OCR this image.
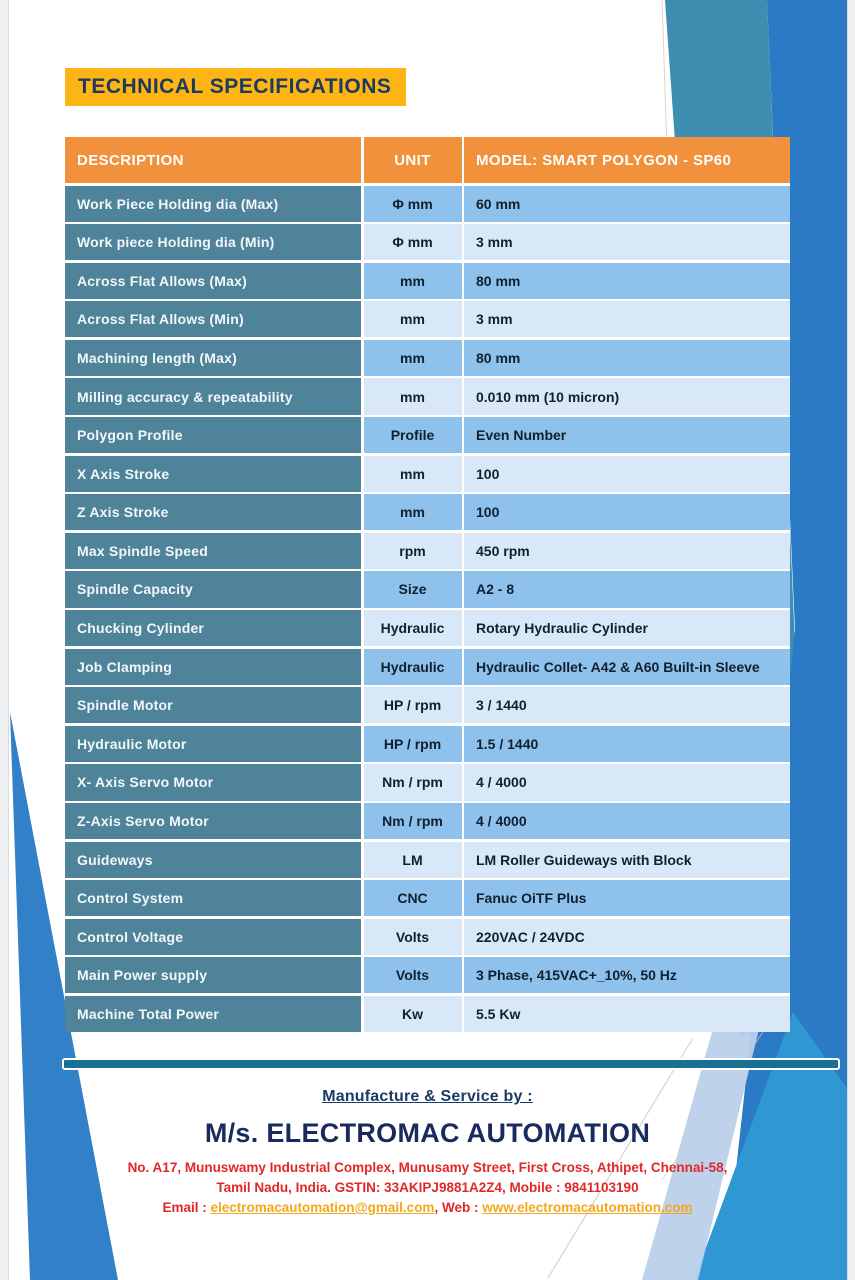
TECHNICAL SPECIFICATIONS
DESCRIPTION	UNIT	MODEL: SMART POLYGON - SP60
Work Piece Holding dia (Max)	Φ mm	60 mm
Work piece Holding dia (Min)	Φ mm	3 mm
Across Flat Allows (Max)	mm	80 mm
Across Flat Allows (Min)	mm	3 mm
Machining length (Max)	mm	80 mm
Milling accuracy & repeatability	mm	0.010 mm (10 micron)
Polygon Profile	Profile	Even Number
X Axis Stroke	mm	100
Z Axis Stroke	mm	100
Max Spindle Speed	rpm	450 rpm
Spindle Capacity	Size	A2 - 8
Chucking Cylinder	Hydraulic	Rotary Hydraulic Cylinder
Job Clamping	Hydraulic	Hydraulic Collet- A42 & A60 Built-in Sleeve
Spindle Motor	HP / rpm	3 / 1440
Hydraulic Motor	HP / rpm	1.5 / 1440
X- Axis Servo Motor	Nm / rpm	4 / 4000
Z-Axis Servo Motor	Nm / rpm	4 / 4000
Guideways	LM	LM Roller Guideways with Block
Control System	CNC	Fanuc OiTF Plus
Control Voltage	Volts	220VAC / 24VDC
Main Power supply	Volts	3 Phase, 415VAC+_10%, 50 Hz
Machine Total Power	Kw	5.5 Kw
Manufacture & Service by :
M/s. ELECTROMAC AUTOMATION
No. A17, Munuswamy Industrial Complex, Munusamy Street, First Cross, Athipet, Chennai-58,
Tamil Nadu, India. GSTIN: 33AKIPJ9881A2Z4, Mobile : 9841103190
Email : electromacautomation@gmail.com, Web : www.electromacautomation.com
